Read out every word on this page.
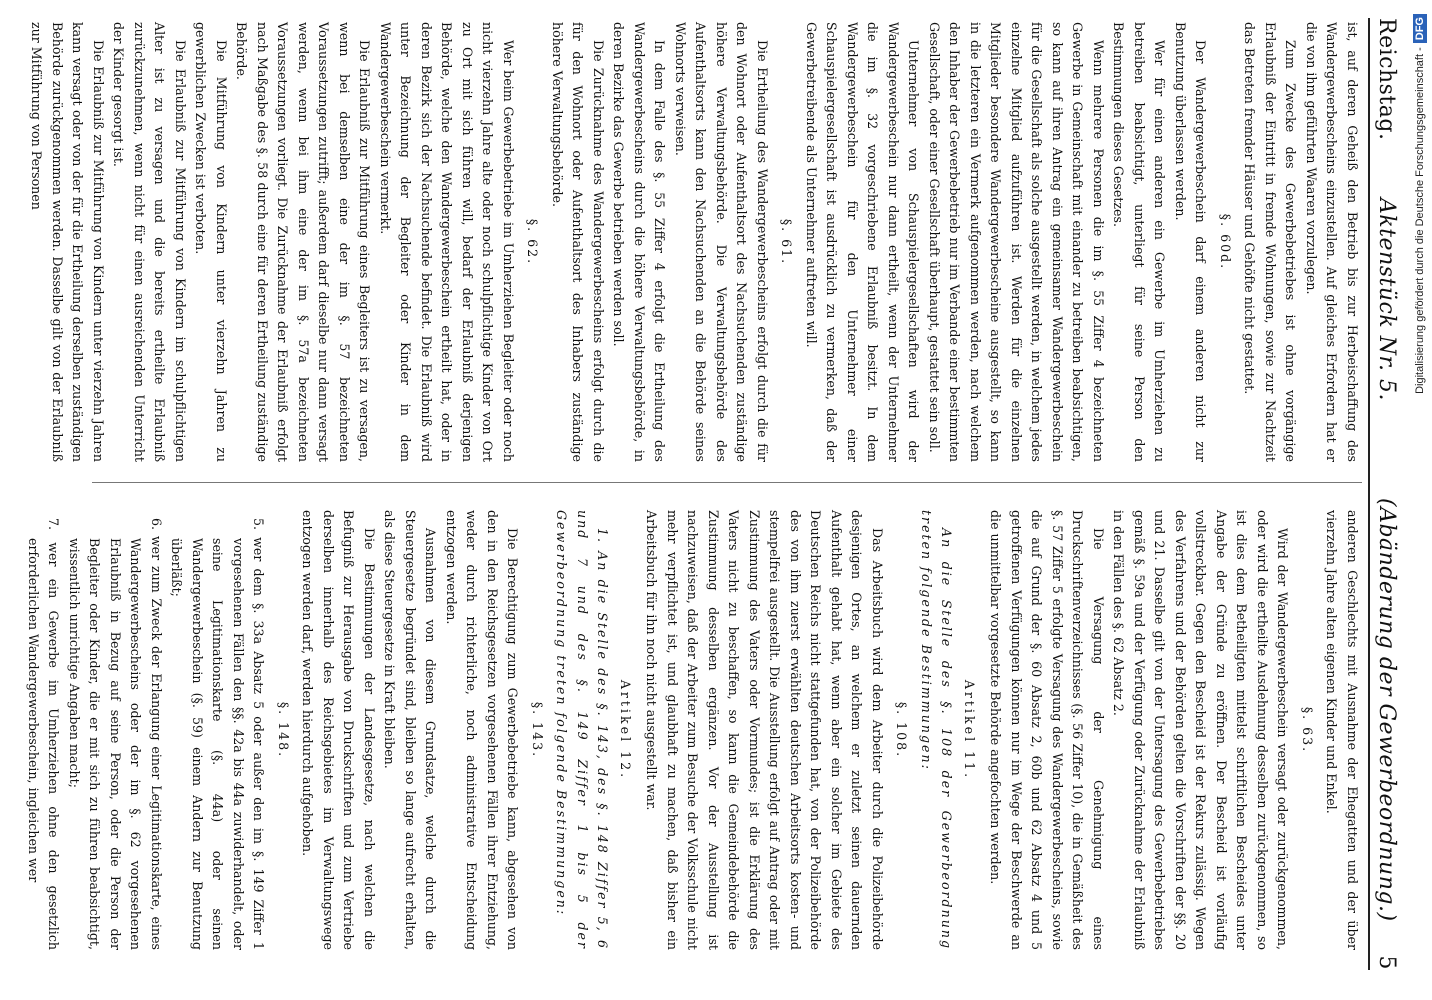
Reichstag.
Aktenstück Nr. 5.
(Abänderung der Gewerbeordnung.)
5

ist, auf deren Geheiß den Betrieb bis zur Herbeischaffung des Wandergewerbescheins einzustellen. Auf gleiches Erfordern hat er die von ihm geführten Waaren vorzulegen.

Zum Zwecke des Gewerbebetriebes ist ohne vorgängige Erlaubniß der Eintritt in fremde Wohnungen, sowie zur Nachtzeit das Betreten fremder Häuser und Gehöfte nicht gestattet.

§. 60d.

Der Wandergewerbeschein darf einem anderen nicht zur Benutzung überlassen werden.

Wer für einen anderen ein Gewerbe im Umherziehen zu betreiben beabsichtigt, unterliegt für seine Person den Bestimmungen dieses Gesetzes.

Wenn mehrere Personen die im §. 55 Ziffer 4 bezeichneten Gewerbe in Gemeinschaft mit einander zu betreiben beabsichtigen, so kann auf ihren Antrag ein gemeinsamer Wandergewerbeschein für die Gesellschaft als solche ausgestellt werden, in welchem jedes einzelne Mitglied aufzuführen ist. Werden für die einzelnen Mitglieder besondere Wandergewerbescheine ausgestellt, so kann in die letzteren ein Vermerk aufgenommen werden, nach welchem den Inhaber der Gewerbebetrieb nur im Verbande einer bestimmten Gesellschaft, oder einer Gesellschaft überhaupt, gestattet sein soll.

Unternehmer von Schauspielergesellschaften wird der Wandergewerbeschein nur dann ertheilt, wenn der Unternehmer die im §. 32 vorgeschriebene Erlaubniß besitzt. In dem Wandergewerbeschein für den Unternehmer einer Schauspielergesellschaft ist ausdrücklich zu vermerken, daß der Gewerbetreibende als Unternehmer auftreten will.

§. 61.

Die Ertheilung des Wandergewerbescheins erfolgt durch die für den Wohnort oder Aufenthaltsort des Nachsuchenden zuständige höhere Verwaltungsbehörde. Die Verwaltungsbehörde des Aufenthaltsorts kann den Nachsuchenden an die Behörde seines Wohnorts verweisen.

In dem Falle des §. 55 Ziffer 4 erfolgt die Ertheilung des Wandergewerbescheins durch die höhere Verwaltungsbehörde, in deren Bezirke das Gewerbe betrieben werden soll.

Die Zurücknahme des Wandergewerbescheins erfolgt durch die für den Wohnort oder Aufenthaltsort des Inhabers zuständige höhere Verwaltungsbehörde.

§. 62.

Wer beim Gewerbebetriebe im Umherziehen Begleiter oder noch nicht vierzehn Jahre alte oder noch schulpflichtige Kinder von Ort zu Ort mit sich führen will, bedarf der Erlaubniß derjenigen Behörde, welche den Wandergewerbeschein ertheilt hat, oder in deren Bezirk sich der Nachsuchende befindet. Die Erlaubniß wird unter Bezeichnung der Begleiter oder Kinder in dem Wandergewerbeschein vermerkt.

Die Erlaubniß zur Mitführung eines Begleiters ist zu versagen, wenn bei demselben eine der im §. 57 bezeichneten Voraussetzungen zutrifft; außerdem darf dieselbe nur dann versagt werden, wenn bei ihm eine der im §. 57a bezeichneten Voraussetzungen vorliegt. Die Zurücknahme der Erlaubniß erfolgt nach Maßgabe des §. 58 durch eine für deren Ertheilung zuständige Behörde.

Die Mitführung von Kindern unter vierzehn Jahren zu gewerblichen Zwecken ist verboten.

Die Erlaubniß zur Mitführung von Kindern im schulpflichtigen Alter ist zu versagen und die bereits ertheilte Erlaubniß zurückzunehmen, wenn nicht für einen ausreichenden Unterricht der Kinder gesorgt ist.

Die Erlaubniß zur Mitführung von Kindern unter vierzehn Jahren kann versagt oder von der für die Ertheilung derselben zuständigen Behörde zurückgenommen werden. Dasselbe gilt von der Erlaubniß zur Mitführung von Personen

anderen Geschlechts mit Ausnahme der Ehegatten und der über vierzehn Jahre alten eigenen Kinder und Enkel.

§. 63.

Wird der Wandergewerbeschein versagt oder zurückgenommen, oder wird die ertheilte Ausdehnung desselben zurückgenommen, so ist dies dem Betheiligten mittelst schriftlichen Bescheides unter Angabe der Gründe zu eröffnen. Der Bescheid ist vorläufig vollstreckbar. Gegen den Bescheid ist der Rekurs zulässig. Wegen des Verfahrens und der Behörden gelten die Vorschriften der §§. 20 und 21. Dasselbe gilt von der Untersagung des Gewerbebetriebes gemäß §. 59a und der Verfügung oder Zurücknahme der Erlaubniß in den Fällen des §. 62 Absatz 2.

Die Versagung der Genehmigung eines Druckschriftenverzeichnisses (§. 56 Ziffer 10), die in Gemäßheit des §. 57 Ziffer 5 erfolgte Versagung des Wandergewerbescheins, sowie die auf Grund der §. 60 Absatz 2, 60b und 62 Absatz 4 und 5 getroffenen Verfügungen können nur im Wege der Beschwerde an die unmittelbar vorgesetzte Behörde angefochten werden.

Artikel 11.

An die Stelle des §. 108 der Gewerbeordnung treten folgende Bestimmungen:

§. 108.

Das Arbeitsbuch wird dem Arbeiter durch die Polizeibehörde desjenigen Ortes, an welchem er zuletzt seinen dauernden Aufenthalt gehabt hat, wenn aber ein solcher im Gebiete des Deutschen Reichs nicht stattgefunden hat, von der Polizeibehörde des von ihm zuerst erwählten deutschen Arbeitsorts kosten- und stempelfrei ausgestellt. Die Ausstellung erfolgt auf Antrag oder mit Zustimmung des Vaters oder Vormundes; ist die Erklärung des Vaters nicht zu beschaffen, so kann die Gemeindebehörde die Zustimmung desselben ergänzen. Vor der Ausstellung ist nachzuweisen, daß der Arbeiter zum Besuche der Volksschule nicht mehr verpflichtet ist, und glaubhaft zu machen, daß bisher ein Arbeitsbuch für ihn noch nicht ausgestellt war.

Artikel 12.

1. An die Stelle des §. 143, des §. 148 Ziffer 5, 6 und 7 und des §. 149 Ziffer 1 bis 5 der Gewerbeordnung treten folgende Bestimmungen:

§. 143.

Die Berechtigung zum Gewerbebetriebe kann, abgesehen von den in den Reichsgesetzen vorgesehenen Fällen ihrer Entziehung, weder durch richterliche, noch administrative Entscheidung entzogen werden.

Ausnahmen von diesem Grundsatze, welche durch die Steuergesetze begründet sind, bleiben so lange aufrecht erhalten, als diese Steuergesetze in Kraft bleiben.

Die Bestimmungen der Landesgesetze, nach welchen die Befugniß zur Herausgabe von Druckschriften und zum Vertriebe derselben innerhalb des Reichsgebietes im Verwaltungswege entzogen werden darf, werden hierdurch aufgehoben.

§. 148.

5. wer dem §. 33a Absatz 5 oder außer den im §. 149 Ziffer 1 vorgesehenen Fällen den §§. 42a bis 44a zuwiderhandelt, oder seine Legitimationskarte (§. 44a) oder seinen Wandergewerbeschein (§. 59) einem Andern zur Benutzung überläßt;

6. wer zum Zweck der Erlangung einer Legitimationskarte, eines Wandergewerbescheins oder der im §. 62 vorgesehenen Erlaubniß in Bezug auf seine Person, oder die Person der Begleiter oder Kinder, die er mit sich zu führen beabsichtigt, wissentlich unrichtige Angaben macht;

7. wer ein Gewerbe im Umherziehen ohne den gesetzlich erforderlichen Wandergewerbeschein, ingleichen wer

Digitalisierung gefördert durch die Deutsche Forschungsgemeinschaft -DFG
